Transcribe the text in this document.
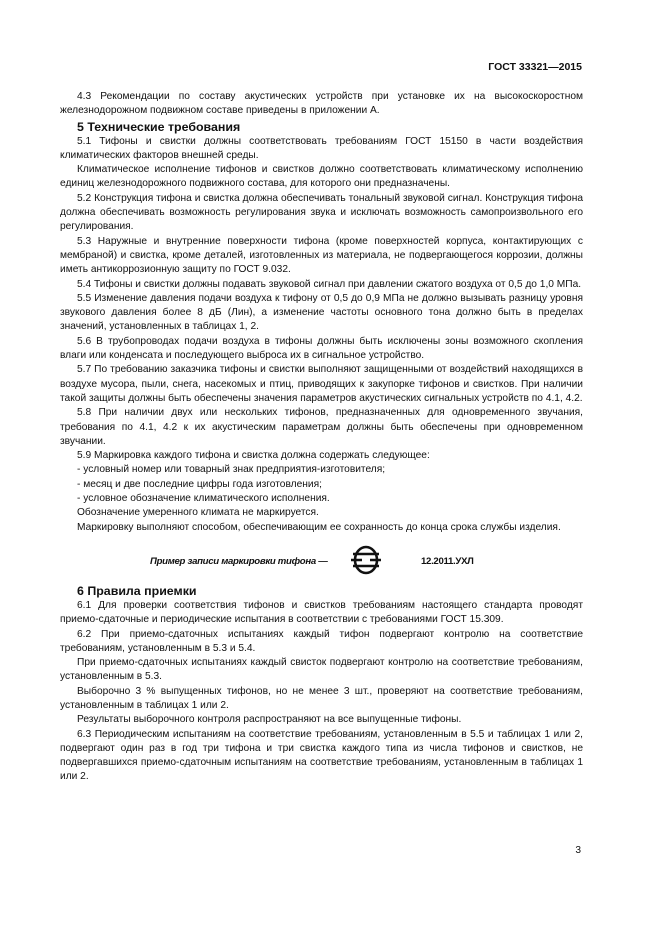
ГОСТ 33321—2015

4.3 Рекомендации по составу акустических устройств при установке их на высокоскоростном железнодорожном подвижном составе приведены в приложении А.

5 Технические требования

5.1 Тифоны и свистки должны соответствовать требованиям ГОСТ 15150 в части воздействия климатических факторов внешней среды.

Климатическое исполнение тифонов и свистков должно соответствовать климатическому исполнению единиц железнодорожного подвижного состава, для которого они предназначены.

5.2 Конструкция тифона и свистка должна обеспечивать тональный звуковой сигнал. Конструкция тифона должна обеспечивать возможность регулирования звука и исключать возможность самопроизвольного его регулирования.

5.3 Наружные и внутренние поверхности тифона (кроме поверхностей корпуса, контактирующих с мембраной) и свистка, кроме деталей, изготовленных из материала, не подвергающегося коррозии, должны иметь антикоррозионную защиту по ГОСТ 9.032.

5.4 Тифоны и свистки должны подавать звуковой сигнал при давлении сжатого воздуха от 0,5 до 1,0 МПа.

5.5 Изменение давления подачи воздуха к тифону от 0,5 до 0,9 МПа не должно вызывать разницу уровня звукового давления более 8 дБ (Лин), а изменение частоты основного тона должно быть в пределах значений, установленных в таблицах 1, 2.

5.6 В трубопроводах подачи воздуха в тифоны должны быть исключены зоны возможного скопления влаги или конденсата и последующего выброса их в сигнальное устройство.

5.7 По требованию заказчика тифоны и свистки выполняют защищенными от воздействий находящихся в воздухе мусора, пыли, снега, насекомых и птиц, приводящих к закупорке тифонов и свистков. При наличии такой защиты должны быть обеспечены значения параметров акустических сигнальных устройств по 4.1, 4.2.

5.8 При наличии двух или нескольких тифонов, предназначенных для одновременного звучания, требования по 4.1, 4.2 к их акустическим параметрам должны быть обеспечены при одновременном звучании.

5.9 Маркировка каждого тифона и свистка должна содержать следующее:

- условный номер или товарный знак предприятия-изготовителя;

- месяц и две последние цифры года изготовления;

- условное обозначение климатического исполнения.

Обозначение умеренного климата не маркируется.

Маркировку выполняют способом, обеспечивающим ее сохранность до конца срока службы изделия.

Пример записи маркировки тифона —	12.2011.УХЛ
6 Правила приемки

6.1 Для проверки соответствия тифонов и свистков требованиям настоящего стандарта проводят приемо-сдаточные и периодические испытания в соответствии с требованиями ГОСТ 15.309.

6.2 При приемо-сдаточных испытаниях каждый тифон подвергают контролю на соответствие требованиям, установленным в 5.3 и 5.4.

При приемо-сдаточных испытаниях каждый свисток подвергают контролю на соответствие требованиям, установленным в 5.3.

Выборочно 3 % выпущенных тифонов, но не менее 3 шт., проверяют на соответствие требованиям, установленным в таблицах 1 или 2.

Результаты выборочного контроля распространяют на все выпущенные тифоны.

6.3 Периодическим испытаниям на соответствие требованиям, установленным в 5.5 и таблицах 1 или 2, подвергают один раз в год три тифона и три свистка каждого типа из числа тифонов и свистков, не подвергавшихся приемо-сдаточным испытаниям на соответствие требованиям, установленным в таблицах 1 или 2.

3
